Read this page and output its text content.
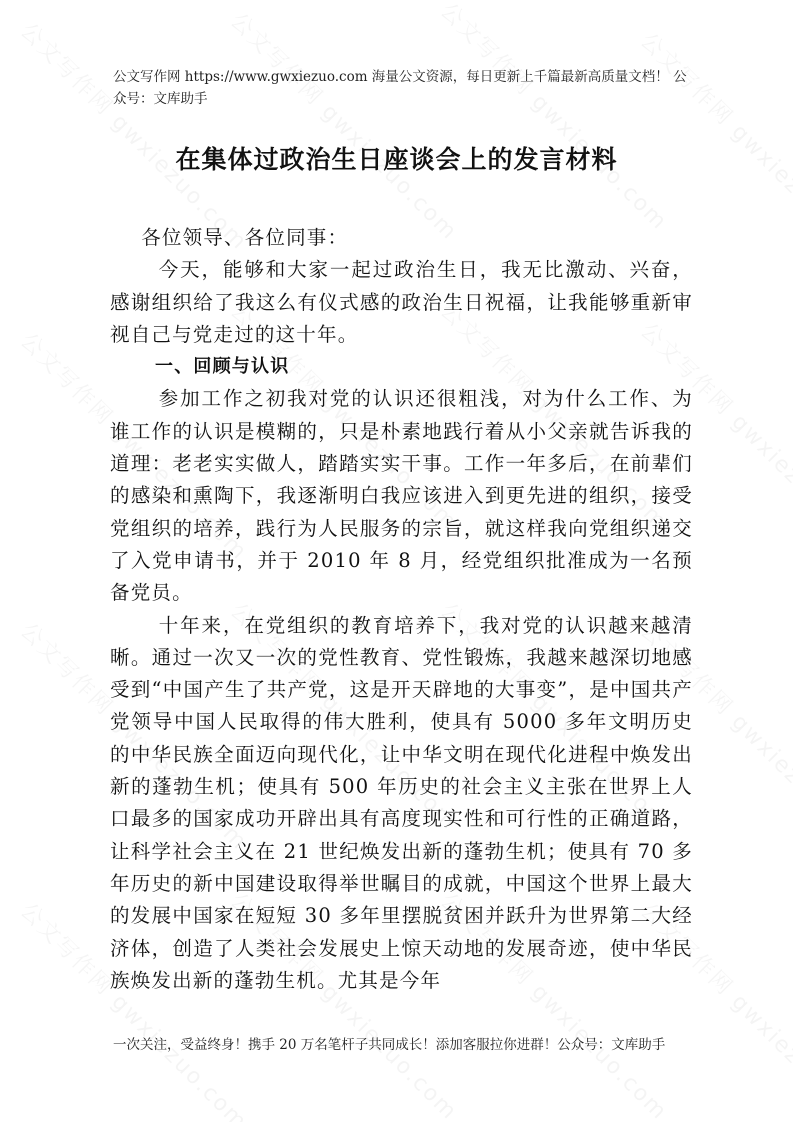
公文写作网 https://www.gwxiezuo.com 海量公文资源，每日更新上千篇最新高质量文档！ 公众号：文库助手
在集体过政治生日座谈会上的发言材料

各位领导、各位同事：

今天，能够和大家一起过政治生日，我无比激动、兴奋，感谢组织给了我这么有仪式感的政治生日祝福，让我能够重新审视自己与党走过的这十年。

一、回顾与认识

参加工作之初我对党的认识还很粗浅，对为什么工作、为谁工作的认识是模糊的，只是朴素地践行着从小父亲就告诉我的道理：老老实实做人，踏踏实实干事。工作一年多后，在前辈们的感染和熏陶下，我逐渐明白我应该进入到更先进的组织，接受党组织的培养，践行为人民服务的宗旨，就这样我向党组织递交了入党申请书，并于 2010 年 8 月，经党组织批准成为一名预备党员。

十年来，在党组织的教育培养下，我对党的认识越来越清晰。通过一次又一次的党性教育、党性锻炼，我越来越深切地感受到“中国产生了共产党，这是开天辟地的大事变”，是中国共产党领导中国人民取得的伟大胜利，使具有 5000 多年文明历史的中华民族全面迈向现代化，让中华文明在现代化进程中焕发出新的蓬勃生机；使具有 500 年历史的社会主义主张在世界上人口最多的国家成功开辟出具有高度现实性和可行性的正确道路，让科学社会主义在 21 世纪焕发出新的蓬勃生机；使具有 70 多年历史的新中国建设取得举世瞩目的成就，中国这个世界上最大的发展中国家在短短 30 多年里摆脱贫困并跃升为世界第二大经济体，创造了人类社会发展史上惊天动地的发展奇迹，使中华民族焕发出新的蓬勃生机。尤其是今年

一次关注，受益终身！携手 20 万名笔杆子共同成长！添加客服拉你进群！公众号：文库助手
